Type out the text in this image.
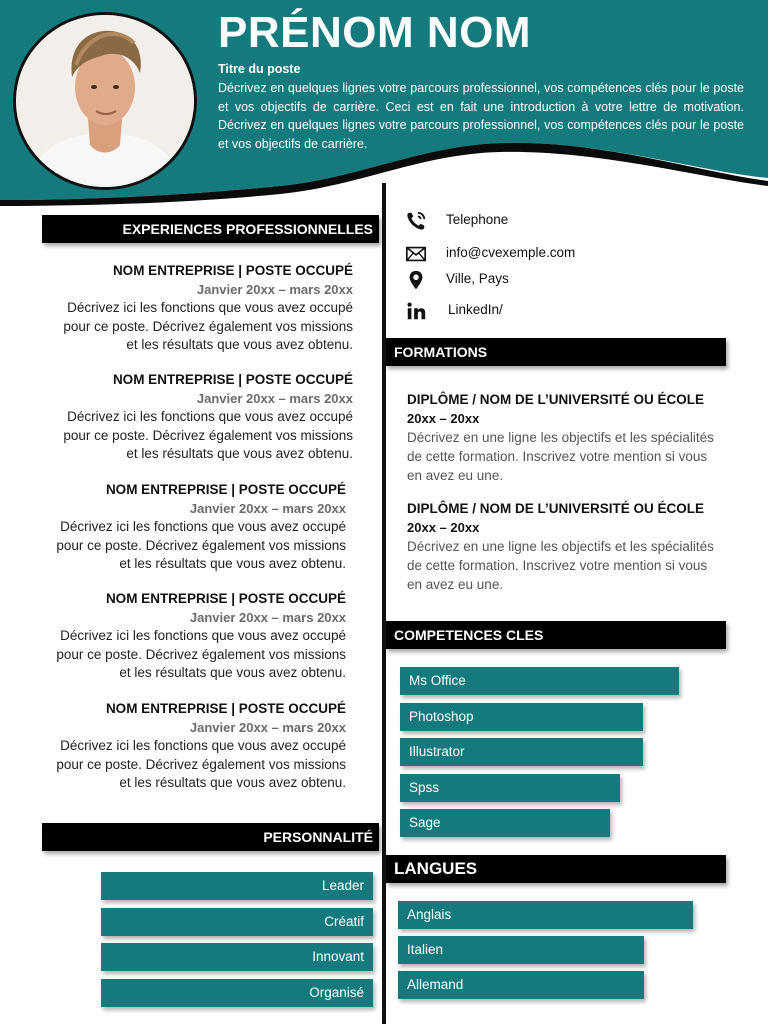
PRÉNOM NOM
Titre du poste
Décrivez en quelques lignes votre parcours professionnel, vos compétences clés pour le poste et vos objectifs de carrière. Ceci est en fait une introduction à votre lettre de motivation. Décrivez en quelques lignes votre parcours professionnel, vos compétences clés pour le poste et vos objectifs de carrière.
EXPERIENCES PROFESSIONNELLES
NOM ENTREPRISE | POSTE OCCUPÉ
Janvier 20xx – mars 20xx
Décrivez ici les fonctions que vous avez occupé
pour ce poste. Décrivez également vos missions
et les résultats que vous avez obtenu.
NOM ENTREPRISE | POSTE OCCUPÉ
Janvier 20xx – mars 20xx
Décrivez ici les fonctions que vous avez occupé
pour ce poste. Décrivez également vos missions
et les résultats que vous avez obtenu.
NOM ENTREPRISE | POSTE OCCUPÉ
Janvier 20xx – mars 20xx
Décrivez ici les fonctions que vous avez occupé
pour ce poste. Décrivez également vos missions
et les résultats que vous avez obtenu.
NOM ENTREPRISE | POSTE OCCUPÉ
Janvier 20xx – mars 20xx
Décrivez ici les fonctions que vous avez occupé
pour ce poste. Décrivez également vos missions
et les résultats que vous avez obtenu.
NOM ENTREPRISE | POSTE OCCUPÉ
Janvier 20xx – mars 20xx
Décrivez ici les fonctions que vous avez occupé
pour ce poste. Décrivez également vos missions
et les résultats que vous avez obtenu.
Telephone
info@cvexemple.com
Ville, Pays
LinkedIn/
FORMATIONS
DIPLÔME / NOM DE L’UNIVERSITÉ OU ÉCOLE
20xx – 20xx
Décrivez en une ligne les objectifs et les spécialités
de cette formation. Inscrivez votre mention si vous
en avez eu une.
DIPLÔME / NOM DE L’UNIVERSITÉ OU ÉCOLE
20xx – 20xx
Décrivez en une ligne les objectifs et les spécialités
de cette formation. Inscrivez votre mention si vous
en avez eu une.
COMPETENCES CLES
Ms Office
Photoshop
Illustrator
Spss
Sage
PERSONNALITÉ
Leader
Créatif
Innovant
Organisé
LANGUES
Anglais
Italien
Allemand
